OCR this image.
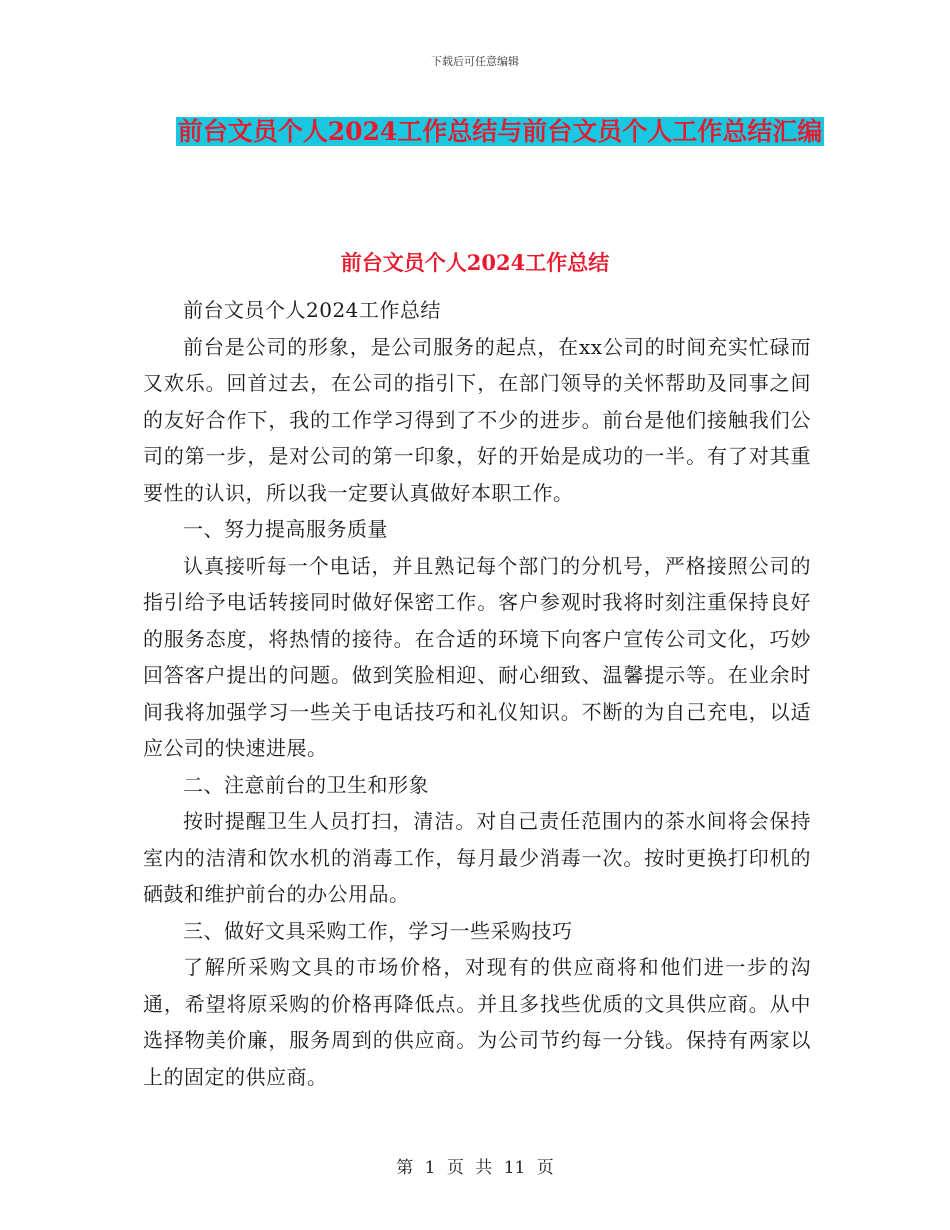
下载后可任意编辑
前台文员个人2024工作总结与前台文员个人工作总结汇编
前台文员个人2024工作总结

前台文员个人2024工作总结

前台是公司的形象，是公司服务的起点，在xx公司的时间充实忙碌而又欢乐。回首过去，在公司的指引下，在部门领导的关怀帮助及同事之间的友好合作下，我的工作学习得到了不少的进步。前台是他们接触我们公司的第一步，是对公司的第一印象，好的开始是成功的一半。有了对其重要性的认识，所以我一定要认真做好本职工作。

一、努力提高服务质量

认真接听每一个电话，并且熟记每个部门的分机号，严格接照公司的指引给予电话转接同时做好保密工作。客户参观时我将时刻注重保持良好的服务态度，将热情的接待。在合适的环境下向客户宣传公司文化，巧妙回答客户提出的问题。做到笑脸相迎、耐心细致、温馨提示等。在业余时间我将加强学习一些关于电话技巧和礼仪知识。不断的为自己充电，以适应公司的快速进展。

二、注意前台的卫生和形象

按时提醒卫生人员打扫，清洁。对自己责任范围内的茶水间将会保持室内的洁清和饮水机的消毒工作，每月最少消毒一次。按时更换打印机的硒鼓和维护前台的办公用品。

三、做好文具采购工作，学习一些采购技巧

了解所采购文具的市场价格，对现有的供应商将和他们进一步的沟通，希望将原采购的价格再降低点。并且多找些优质的文具供应商。从中选择物美价廉，服务周到的供应商。为公司节约每一分钱。保持有两家以上的固定的供应商。

第 1 页 共 11 页
